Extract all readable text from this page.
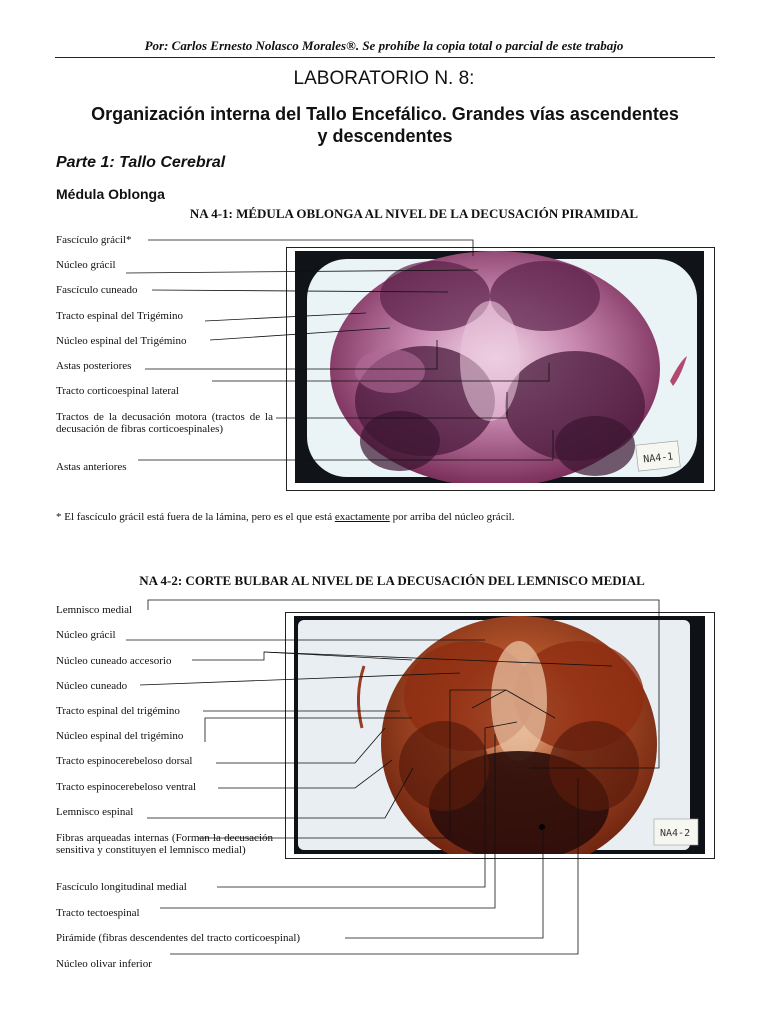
Por: Carlos Ernesto Nolasco Morales®. Se prohíbe la copia total o parcial de este trabajo
LABORATORIO N. 8:
Organización interna del Tallo Encefálico. Grandes vías ascendentes y descendentes
Parte 1: Tallo Cerebral
Médula Oblonga
NA 4-1: MÉDULA OBLONGA AL NIVEL DE LA DECUSACIÓN PIRAMIDAL
NA4-1
Fascículo grácil*
Núcleo grácil
Fascículo cuneado
Tracto espinal del Trigémino
Núcleo espinal del Trigémino
Astas posteriores
Tracto corticoespinal lateral
Tractos de la decusación motora (tractos de la decusación de fibras corticoespinales)
Astas anteriores
* El fascículo grácil está fuera de la lámina, pero es el que está exactamente por arriba del núcleo grácil.
NA 4-2: CORTE BULBAR AL NIVEL DE LA DECUSACIÓN DEL LEMNISCO MEDIAL
NA4-2
Lemnisco medial
Núcleo grácil
Núcleo cuneado accesorio
Núcleo cuneado
Tracto espinal del trigémino
Núcleo espinal del trigémino
Tracto espinocerebeloso dorsal
Tracto espinocerebeloso ventral
Lemnisco espinal
Fibras arqueadas internas (Forman la decusación sensitiva y constituyen el lemnisco medial)
Fascículo longitudinal medial
Tracto tectoespinal
Pirámide (fibras descendentes del tracto corticoespinal)
Núcleo olivar inferior
